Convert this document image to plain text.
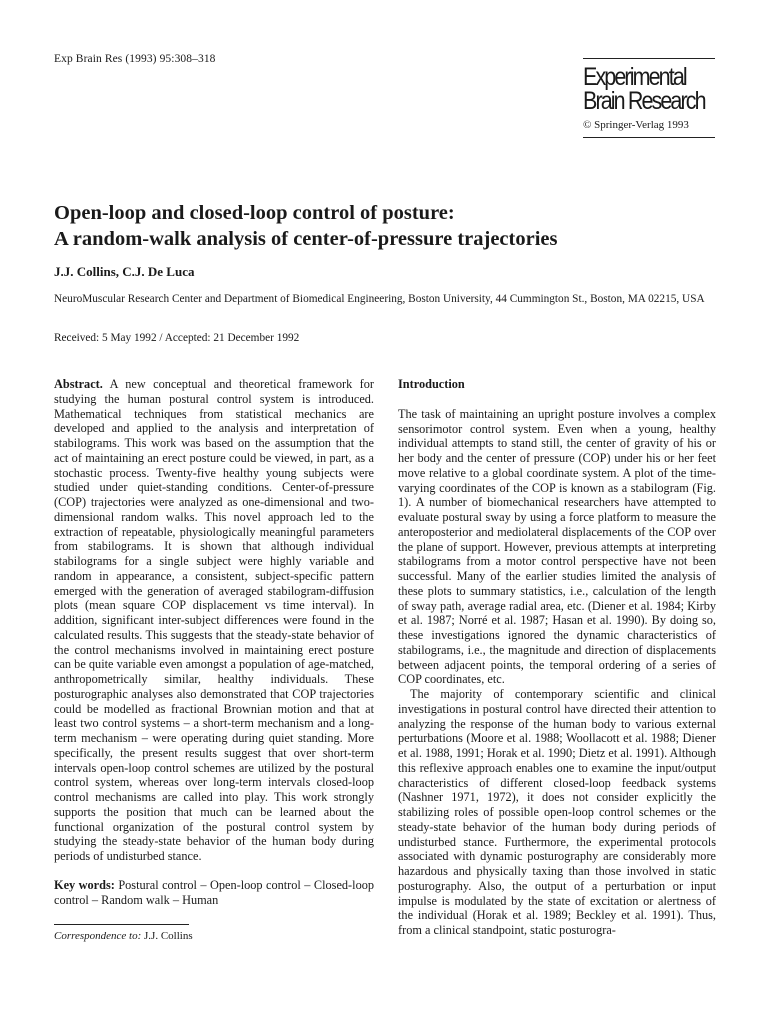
Exp Brain Res (1993) 95:308–318
Experimental
Brain Research
© Springer-Verlag 1993
Open-loop and closed-loop control of posture:
A random-walk analysis of center-of-pressure trajectories
J.J. Collins, C.J. De Luca
NeuroMuscular Research Center and Department of Biomedical Engineering, Boston University, 44 Cummington St., Boston, MA 02215, USA
Received: 5 May 1992 / Accepted: 21 December 1992

Abstract. A new conceptual and theoretical framework for studying the human postural control system is introduced. Mathematical techniques from statistical mechanics are developed and applied to the analysis and interpretation of stabilograms. This work was based on the assumption that the act of maintaining an erect posture could be viewed, in part, as a stochastic process. Twenty-five healthy young subjects were studied under quiet-standing conditions. Center-of-pressure (COP) trajectories were analyzed as one-dimensional and two-dimensional random walks. This novel approach led to the extraction of repeatable, physiologically meaningful parameters from stabilograms. It is shown that although individual stabilograms for a single subject were highly variable and random in appearance, a consistent, subject-specific pattern emerged with the generation of averaged stabilogram-diffusion plots (mean square COP displacement vs time interval). In addition, significant inter-subject differences were found in the calculated results. This suggests that the steady-state behavior of the control mechanisms involved in maintaining erect posture can be quite variable even amongst a population of age-matched, anthropometrically similar, healthy individuals. These posturographic analyses also demonstrated that COP trajectories could be modelled as fractional Brownian motion and that at least two control systems – a short-term mechanism and a long-term mechanism – were operating during quiet standing. More specifically, the present results suggest that over short-term intervals open-loop control schemes are utilized by the postural control system, whereas over long-term intervals closed-loop control mechanisms are called into play. This work strongly supports the position that much can be learned about the functional organization of the postural control system by studying the steady-state behavior of the human body during periods of undisturbed stance.

Key words: Postural control – Open-loop control – Closed-loop control – Random walk – Human

Correspondence to: J.J. Collins
Introduction

The task of maintaining an upright posture involves a complex sensorimotor control system. Even when a young, healthy individual attempts to stand still, the center of gravity of his or her body and the center of pressure (COP) under his or her feet move relative to a global coordinate system. A plot of the time-varying coordinates of the COP is known as a stabilogram (Fig. 1). A number of biomechanical researchers have attempted to evaluate postural sway by using a force platform to measure the anteroposterior and mediolateral displacements of the COP over the plane of support. However, previous attempts at interpreting stabilograms from a motor control perspective have not been successful. Many of the earlier studies limited the analysis of these plots to summary statistics, i.e., calculation of the length of sway path, average radial area, etc. (Diener et al. 1984; Kirby et al. 1987; Norré et al. 1987; Hasan et al. 1990). By doing so, these investigations ignored the dynamic characteristics of stabilograms, i.e., the magnitude and direction of displacements between adjacent points, the temporal ordering of a series of COP coordinates, etc.

The majority of contemporary scientific and clinical investigations in postural control have directed their attention to analyzing the response of the human body to various external perturbations (Moore et al. 1988; Woollacott et al. 1988; Diener et al. 1988, 1991; Horak et al. 1990; Dietz et al. 1991). Although this reflexive approach enables one to examine the input/output characteristics of different closed-loop feedback systems (Nashner 1971, 1972), it does not consider explicitly the stabilizing roles of possible open-loop control schemes or the steady-state behavior of the human body during periods of undisturbed stance. Furthermore, the experimental protocols associated with dynamic posturography are considerably more hazardous and physically taxing than those involved in static posturography. Also, the output of a perturbation or input impulse is modulated by the state of excitation or alertness of the individual (Horak et al. 1989; Beckley et al. 1991). Thus, from a clinical standpoint, static posturogra-
